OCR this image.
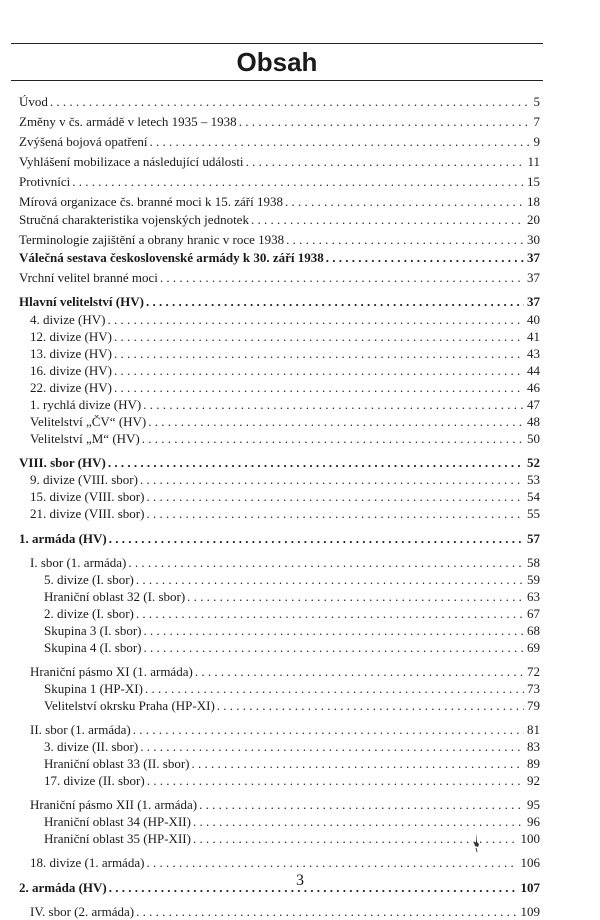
Obsah
Úvod . . .	5
Změny v čs. armádě v letech 1935 – 1938 . . .	7
Zvýšená bojová opatření . . .	9
Vyhlášení mobilizace a následující události . . .	11
Protivníci . . .	15
Mírová organizace čs. branné moci k 15. září 1938 . . .	18
Stručná charakteristika vojenských jednotek . . .	20
Terminologie zajištění a obrany hranic v roce 1938 . . .	30
Válečná sestava československé armády k 30. září 1938 . . .	37
Vrchní velitel branné moci . . .	37
Hlavní velitelství (HV) . . .	37
4. divize (HV) . . .	40
12. divize (HV) . . .	41
13. divize (HV) . . .	43
16. divize (HV) . . .	44
22. divize (HV) . . .	46
1. rychlá divize (HV) . . .	47
Velitelství „ČV“ (HV) . . .	48
Velitelství „M“ (HV) . . .	50
VIII. sbor (HV) . . .	52
9. divize (VIII. sbor) . . .	53
15. divize (VIII. sbor) . . .	54
21. divize (VIII. sbor) . . .	55
1. armáda (HV) . . .	57
I. sbor (1. armáda) . . .	58
5. divize (I. sbor) . . .	59
Hraniční oblast 32 (I. sbor) . . .	63
2. divize (I. sbor) . . .	67
Skupina 3 (I. sbor) . . .	68
Skupina 4 (I. sbor) . . .	69
Hraniční pásmo XI (1. armáda) . . .	72
Skupina 1 (HP-XI) . . .	73
Velitelství okrsku Praha (HP-XI) . . .	79
II. sbor (1. armáda) . . .	81
3. divize (II. sbor) . . .	83
Hraniční oblast 33 (II. sbor) . . .	89
17. divize (II. sbor) . . .	92
Hraniční pásmo XII (1. armáda) . . .	95
Hraniční oblast 34 (HP-XII) . . .	96
Hraniční oblast 35 (HP-XII) . . .	100
18. divize (1. armáda) . . .	106
2. armáda (HV) . . .	107
IV. sbor (2. armáda) . . .	109
3
